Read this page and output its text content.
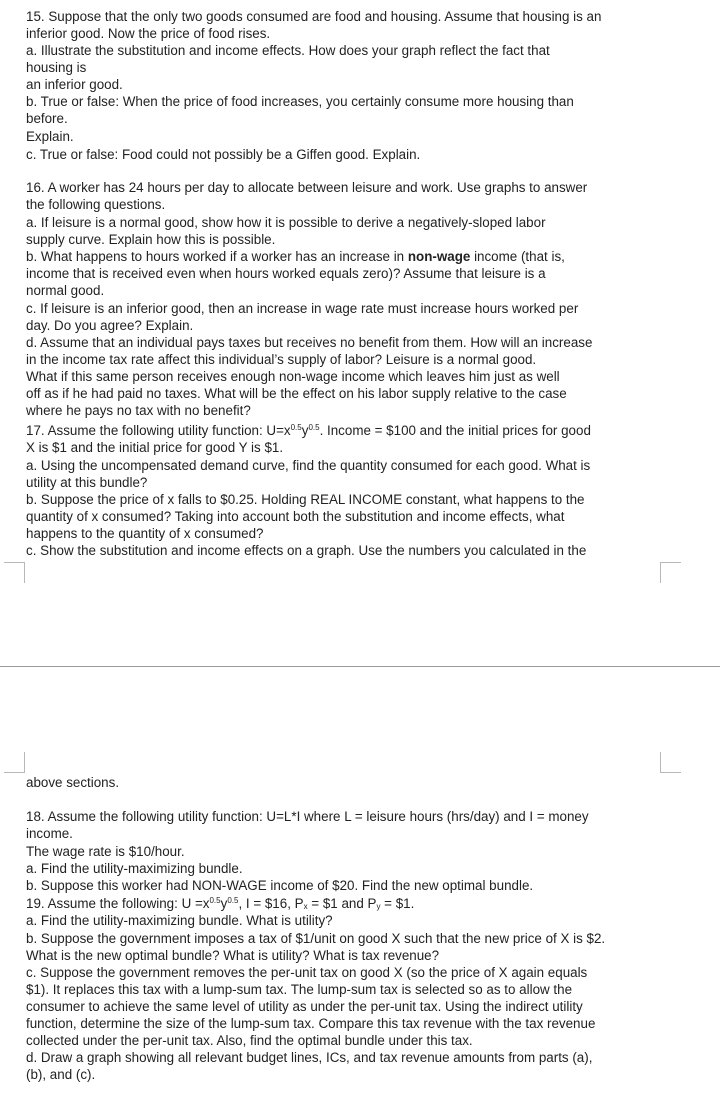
15. Suppose that the only two goods consumed are food and housing. Assume that housing is an
inferior good. Now the price of food rises.
a. Illustrate the substitution and income effects. How does your graph reflect the fact that
housing is
an inferior good.
b. True or false: When the price of food increases, you certainly consume more housing than
before.
Explain.
c. True or false: Food could not possibly be a Giffen good. Explain.
16. A worker has 24 hours per day to allocate between leisure and work. Use graphs to answer
the following questions.
a. If leisure is a normal good, show how it is possible to derive a negatively-sloped labor
supply curve. Explain how this is possible.
b. What happens to hours worked if a worker has an increase in non-wage income (that is,
income that is received even when hours worked equals zero)? Assume that leisure is a
normal good.
c. If leisure is an inferior good, then an increase in wage rate must increase hours worked per
day. Do you agree? Explain.
d. Assume that an individual pays taxes but receives no benefit from them. How will an increase
in the income tax rate affect this individual’s supply of labor? Leisure is a normal good.
What if this same person receives enough non-wage income which leaves him just as well
off as if he had paid no taxes. What will be the effect on his labor supply relative to the case
where he pays no tax with no benefit?
17. Assume the following utility function: $U=x^{0.5}y^{0.5}$. Income = $100 and the initial prices for good
X is $1 and the initial price for good Y is $1.
a. Using the uncompensated demand curve, find the quantity consumed for each good. What is
utility at this bundle?
b. Suppose the price of x falls to $0.25. Holding REAL INCOME constant, what happens to the
quantity of x consumed? Taking into account both the substitution and income effects, what
happens to the quantity of x consumed?
c. Show the substitution and income effects on a graph. Use the numbers you calculated in the
above sections.
18. Assume the following utility function: U=L*I where L = leisure hours (hrs/day) and I = money
income.
The wage rate is $10/hour.
a. Find the utility-maximizing bundle.
b. Suppose this worker had NON-WAGE income of $20. Find the new optimal bundle.
19. Assume the following: $U =x^{0.5}y^{0.5}$, I = $16, $P_x$ = $1 and $P_y$ = $1.
a. Find the utility-maximizing bundle. What is utility?
b. Suppose the government imposes a tax of $1/unit on good X such that the new price of X is $2.
What is the new optimal bundle? What is utility? What is tax revenue?
c. Suppose the government removes the per-unit tax on good X (so the price of X again equals
$1). It replaces this tax with a lump-sum tax. The lump-sum tax is selected so as to allow the
consumer to achieve the same level of utility as under the per-unit tax. Using the indirect utility
function, determine the size of the lump-sum tax. Compare this tax revenue with the tax revenue
collected under the per-unit tax. Also, find the optimal bundle under this tax.
d. Draw a graph showing all relevant budget lines, ICs, and tax revenue amounts from parts (a),
(b), and (c).
